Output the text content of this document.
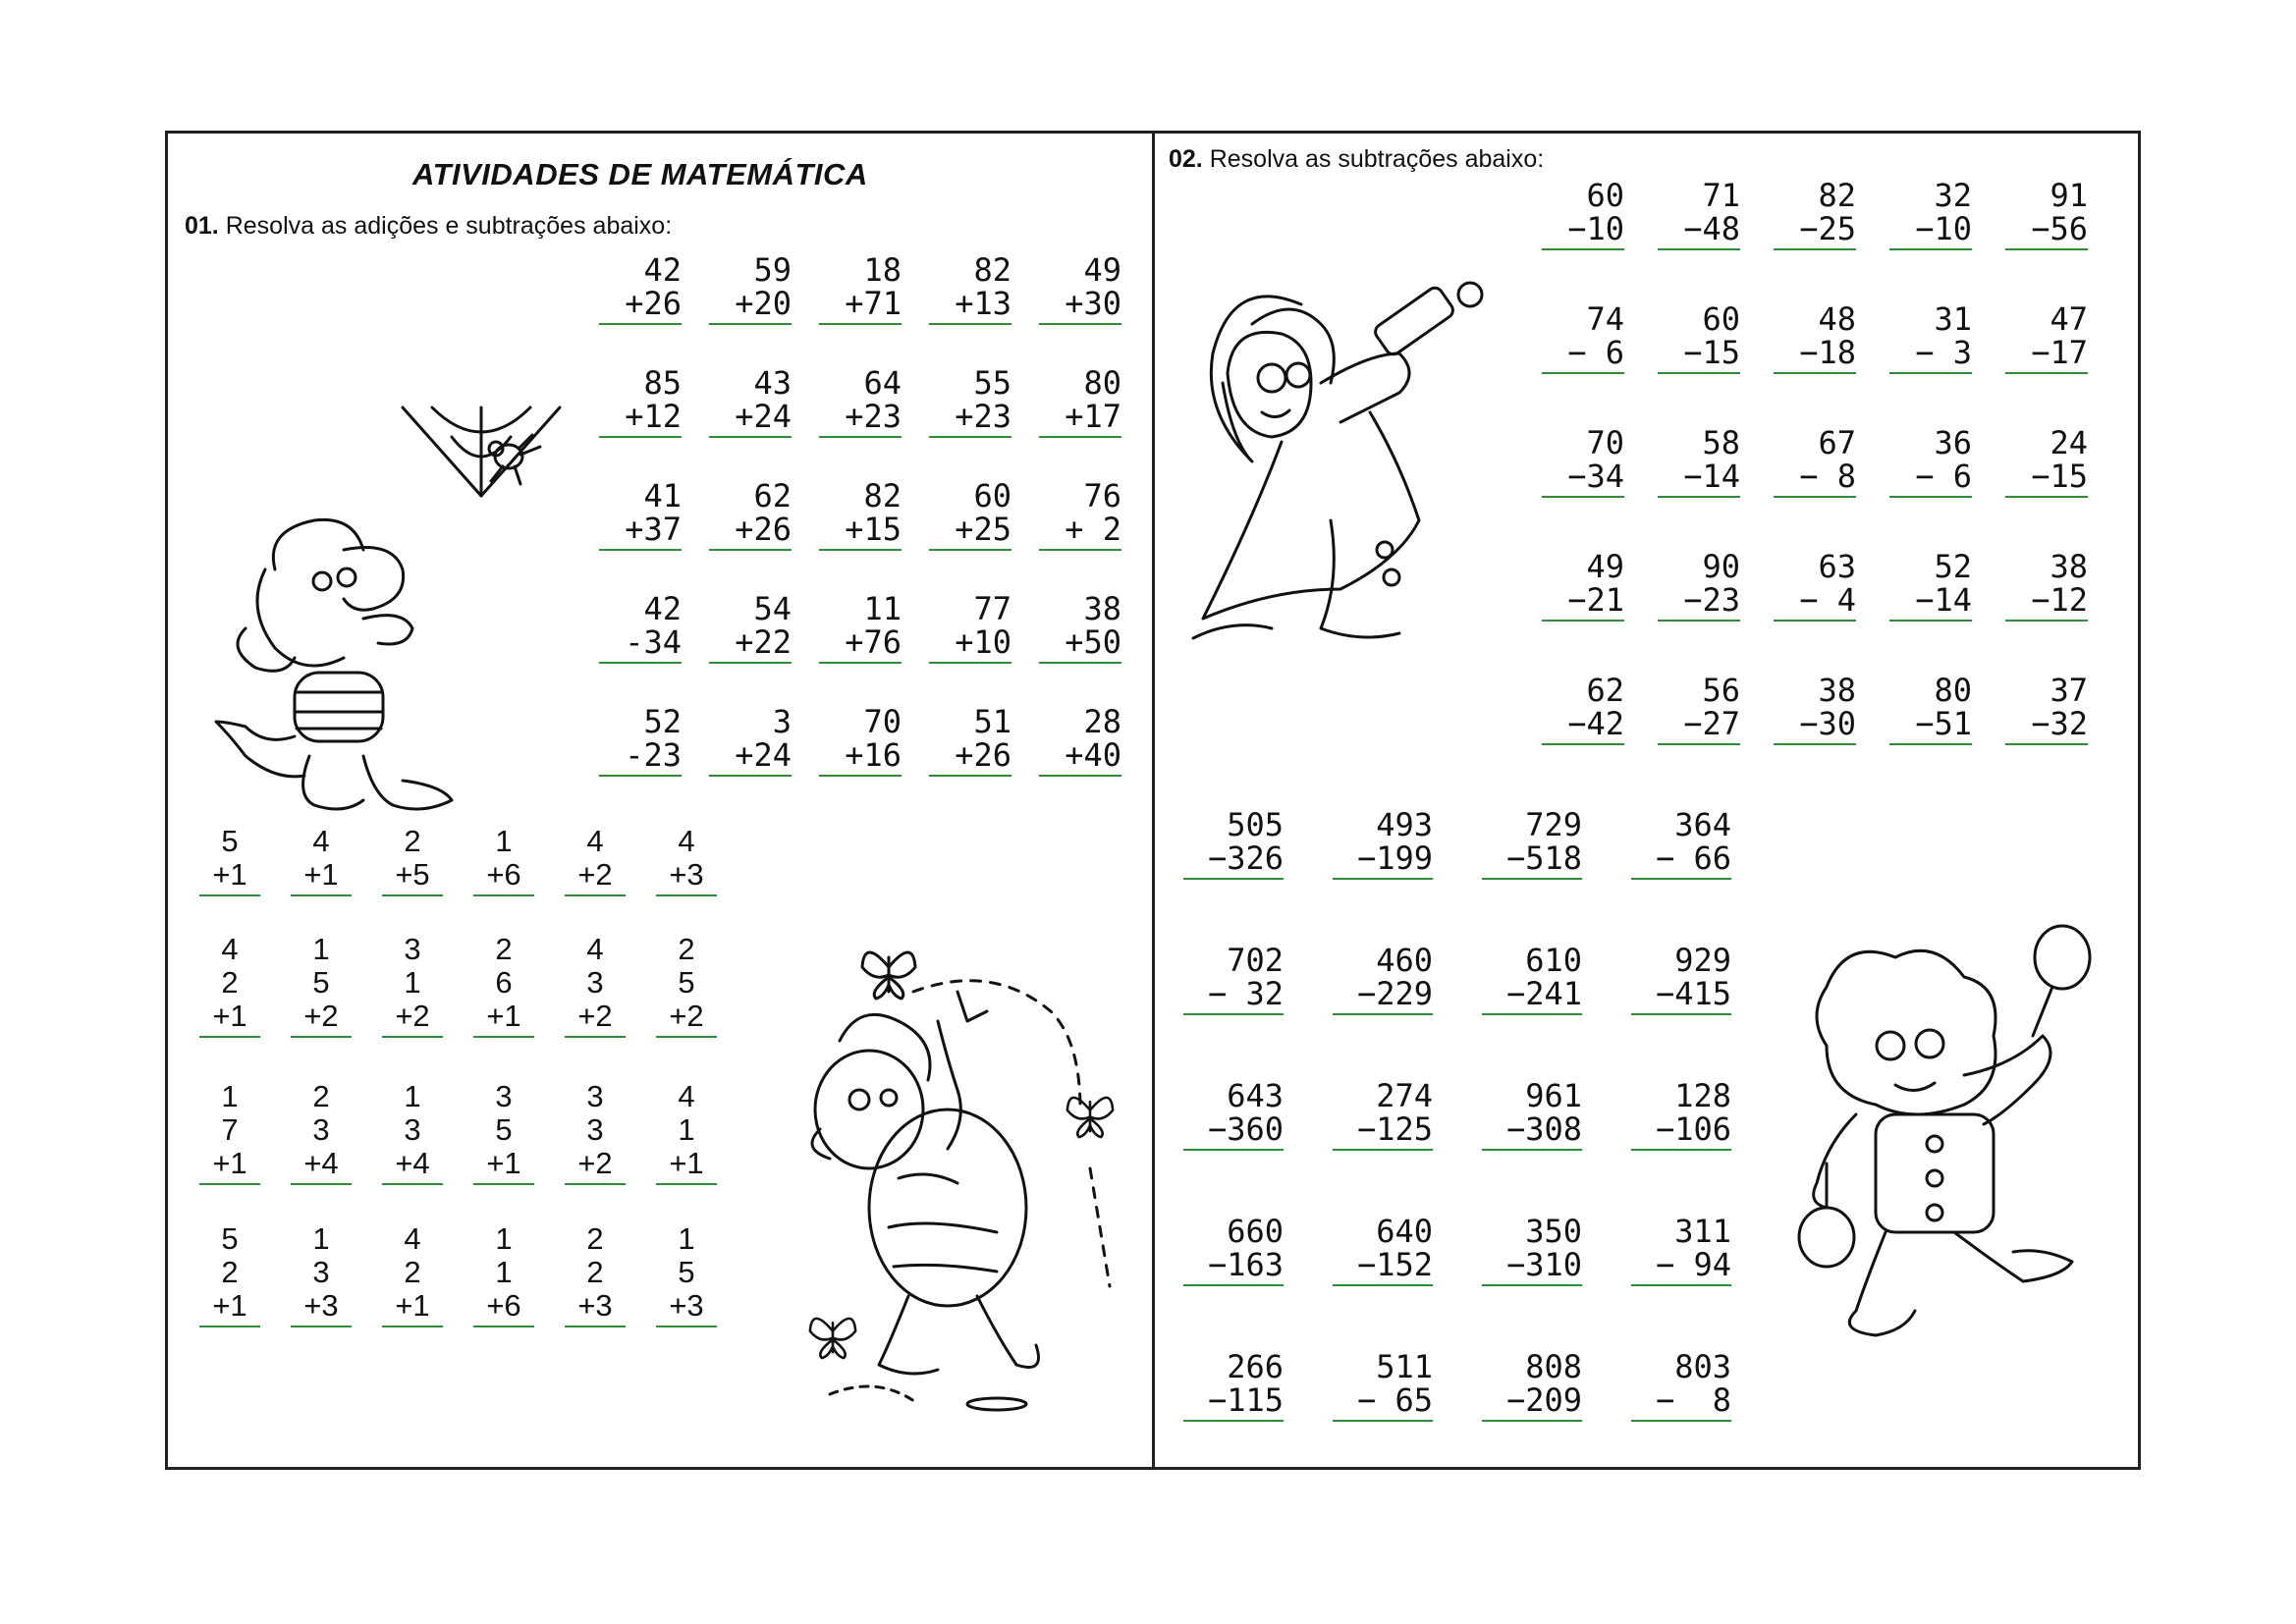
ATIVIDADES DE MATEMÁTICA
01. Resolva as adições e subtrações abaixo:
02. Resolva as subtrações abaixo:
42
+26
59
+20
18
+71
82
+13
49
+30
85
+12
43
+24
64
+23
55
+23
80
+17
41
+37
62
+26
82
+15
60
+25
76
+ 2
42
-34
54
+22
11
+76
77
+10
38
+50
52
-23
3
+24
70
+16
51
+26
28
+40
5
+1
4
+1
2
+5
1
+6
4
+2
4
+3
4
2
+1
1
5
+2
3
1
+2
2
6
+1
4
3
+2
2
5
+2
1
7
+1
2
3
+4
1
3
+4
3
5
+1
3
3
+2
4
1
+1
5
2
+1
1
3
+3
4
2
+1
1
1
+6
2
2
+3
1
5
+3
60
−10
71
−48
82
−25
32
−10
91
−56
74
− 6
60
−15
48
−18
31
− 3
47
−17
70
−34
58
−14
67
− 8
36
− 6
24
−15
49
−21
90
−23
63
− 4
52
−14
38
−12
62
−42
56
−27
38
−30
80
−51
37
−32
505
−326
493
−199
729
−518
364
− 66
702
− 32
460
−229
610
−241
929
−415
643
−360
274
−125
961
−308
128
−106
660
−163
640
−152
350
−310
311
− 94
266
−115
511
− 65
808
−209
803
−  8
